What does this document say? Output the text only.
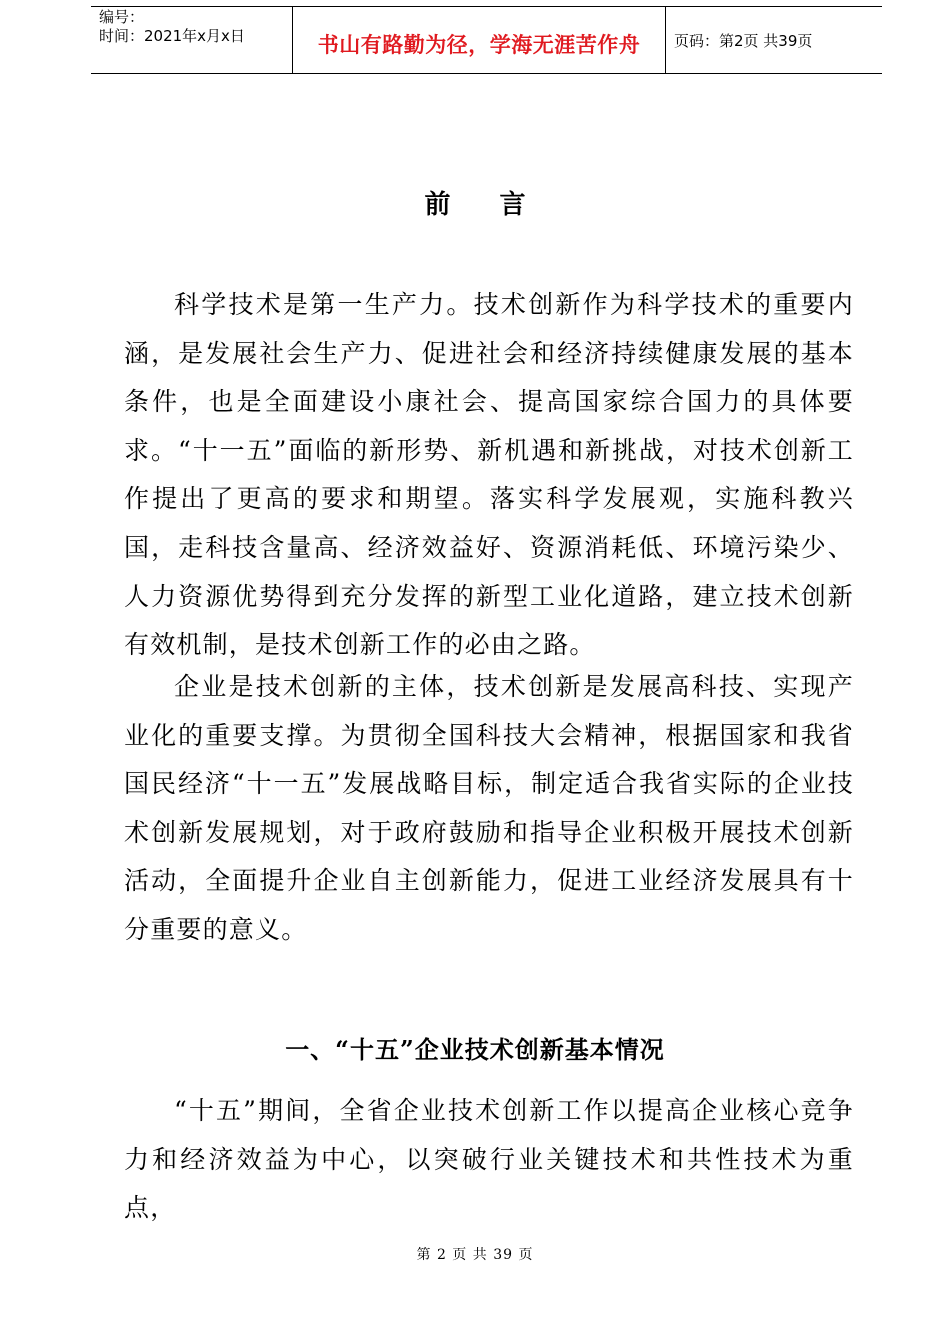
编号：
时间：2021年x月x日	书山有路勤为径，学海无涯苦作舟	页码：第2页 共39页
前 言
科学技术是第一生产力。技术创新作为科学技术的重要内涵，是发展社会生产力、促进社会和经济持续健康发展的基本条件，也是全面建设小康社会、提高国家综合国力的具体要求。“十一五”面临的新形势、新机遇和新挑战，对技术创新工作提出了更高的要求和期望。落实科学发展观，实施科教兴国，走科技含量高、经济效益好、资源消耗低、环境污染少、人力资源优势得到充分发挥的新型工业化道路，建立技术创新有效机制，是技术创新工作的必由之路。
企业是技术创新的主体，技术创新是发展高科技、实现产业化的重要支撑。为贯彻全国科技大会精神，根据国家和我省国民经济“十一五”发展战略目标，制定适合我省实际的企业技术创新发展规划，对于政府鼓励和指导企业积极开展技术创新活动，全面提升企业自主创新能力，促进工业经济发展具有十分重要的意义。
一、“十五”企业技术创新基本情况
“十五”期间，全省企业技术创新工作以提高企业核心竞争力和经济效益为中心，以突破行业关键技术和共性技术为重点，
第 2 页 共 39 页
